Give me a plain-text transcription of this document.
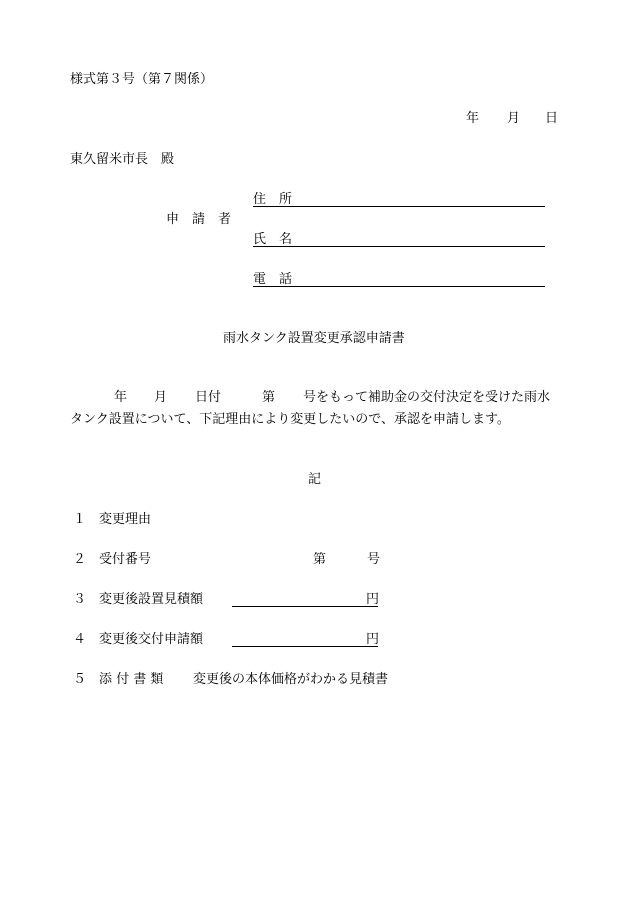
様式第３号（第７関係）
年 月 日
東久留米市長　殿
申　請　者
住　所
氏　名
電　話
雨水タンク設置変更承認申請書
年 月 日付	第 号をもって補助金の交付決定を受けた雨水
タンク設置について、下記理由により変更したいので、承認を申請します。
記
１ 変更理由
２ 受付番号	第	号
３ 変更後設置見積額	円
４ 変更後交付申請額	円
５ 添 付 書 類 変更後の本体価格がわかる見積書
